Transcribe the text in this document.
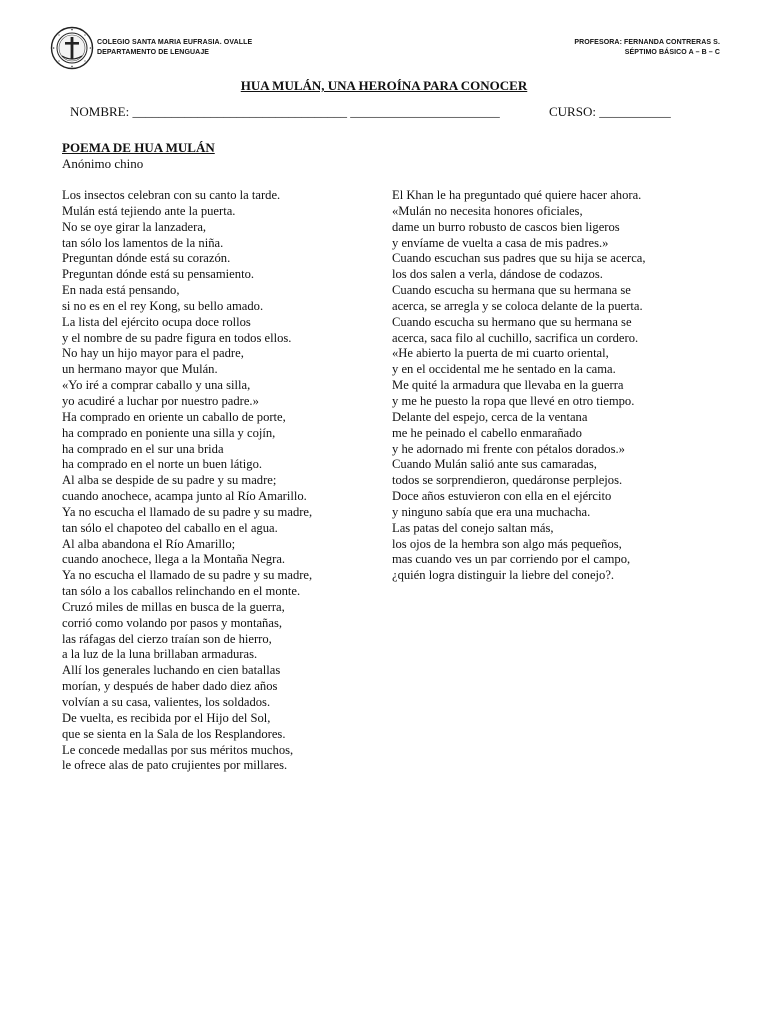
COLEGIO SANTA MARIA EUFRASIA. OVALLE
DEPARTAMENTO DE LENGUAJE
PROFESORA: FERNANDA CONTRERAS S.
SÉPTIMO BÁSICO A – B – C
HUA MULÁN, UNA HEROÍNA PARA CONOCER
NOMBRE: _________________________________ _______________________	CURSO: ___________
POEMA DE HUA MULÁN
Anónimo chino
Los insectos celebran con su canto la tarde.
Mulán está tejiendo ante la puerta.
No se oye girar la lanzadera,
tan sólo los lamentos de la niña.
Preguntan dónde está su corazón.
Preguntan dónde está su pensamiento.
En nada está pensando,
si no es en el rey Kong, su bello amado.
La lista del ejército ocupa doce rollos
y el nombre de su padre figura en todos ellos.
No hay un hijo mayor para el padre,
un hermano mayor que Mulán.
«Yo iré a comprar caballo y una silla,
yo acudiré a luchar por nuestro padre.»
Ha comprado en oriente un caballo de porte,
ha comprado en poniente una silla y cojín,
ha comprado en el sur una brida
ha comprado en el norte un buen látigo.
Al alba se despide de su padre y su madre;
cuando anochece, acampa junto al Río Amarillo.
Ya no escucha el llamado de su padre y su madre,
tan sólo el chapoteo del caballo en el agua.
Al alba abandona el Río Amarillo;
cuando anochece, llega a la Montaña Negra.
Ya no escucha el llamado de su padre y su madre,
tan sólo a los caballos relinchando en el monte.
Cruzó miles de millas en busca de la guerra,
corrió como volando por pasos y montañas,
las ráfagas del cierzo traían son de hierro,
a la luz de la luna brillaban armaduras.
Allí los generales luchando en cien batallas
morían, y después de haber dado diez años
volvían a su casa, valientes, los soldados.
De vuelta, es recibida por el Hijo del Sol,
que se sienta en la Sala de los Resplandores.
Le concede medallas por sus méritos muchos,
le ofrece alas de pato crujientes por millares.
El Khan le ha preguntado qué quiere hacer ahora.
«Mulán no necesita honores oficiales,
dame un burro robusto de cascos bien ligeros
y envíame de vuelta a casa de mis padres.»
Cuando escuchan sus padres que su hija se acerca,
los dos salen a verla, dándose de codazos.
Cuando escucha su hermana que su hermana se
acerca, se arregla y se coloca delante de la puerta.
Cuando escucha su hermano que su hermana se
acerca, saca filo al cuchillo, sacrifica un cordero.
«He abierto la puerta de mi cuarto oriental,
y en el occidental me he sentado en la cama.
Me quité la armadura que llevaba en la guerra
y me he puesto la ropa que llevé en otro tiempo.
Delante del espejo, cerca de la ventana
me he peinado el cabello enmarañado
y he adornado mi frente con pétalos dorados.»
Cuando Mulán salió ante sus camaradas,
todos se sorprendieron, quedáronse perplejos.
Doce años estuvieron con ella en el ejército
y ninguno sabía que era una muchacha.
Las patas del conejo saltan más,
los ojos de la hembra son algo más pequeños,
mas cuando ves un par corriendo por el campo,
¿quién logra distinguir la liebre del conejo?.
